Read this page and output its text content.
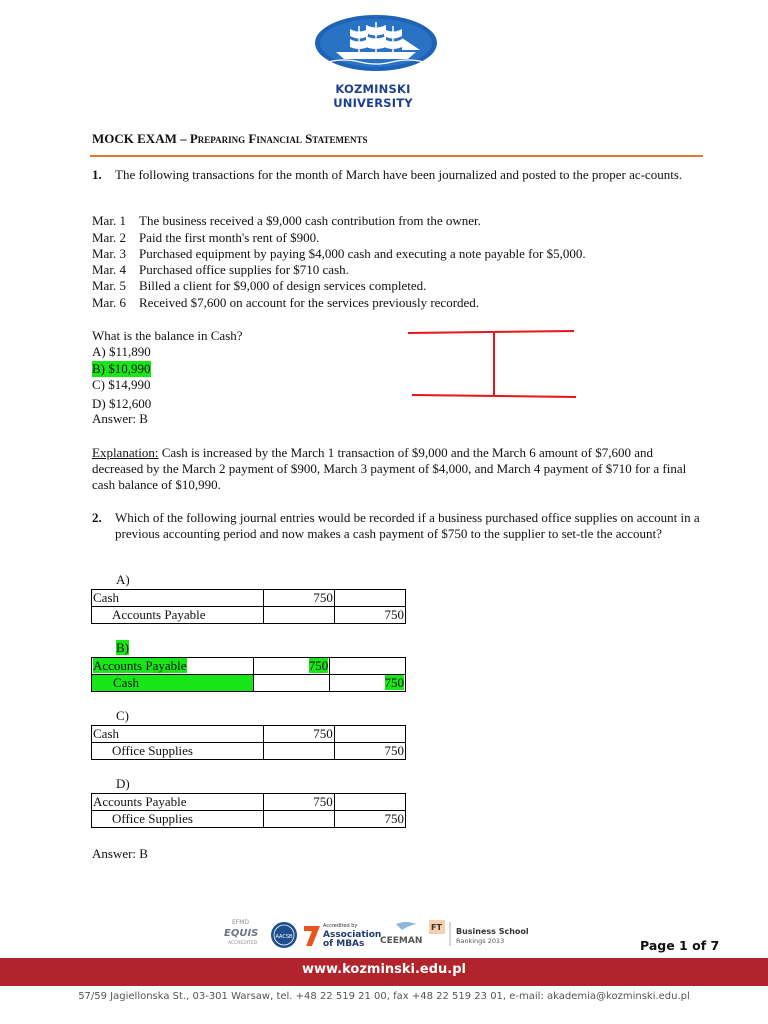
KOZMINSKI UNIVERSITY
MOCK EXAM – Preparing Financial Statements
1. The following transactions for the month of March have been journalized and posted to the proper ac-counts.
Mar. 1 The business received a $9,000 cash contribution from the owner.
Mar. 2 Paid the first month's rent of $900.
Mar. 3 Purchased equipment by paying $4,000 cash and executing a note payable for $5,000.
Mar. 4 Purchased office supplies for $710 cash.
Mar. 5 Billed a client for $9,000 of design services completed.
Mar. 6 Received $7,600 on account for the services previously recorded.
What is the balance in Cash?
A) $11,890
B) $10,990
C) $14,990
D) $12,600
Answer: B
Explanation: Cash is increased by the March 1 transaction of $9,000 and the March 6 amount of $7,600 and decreased by the March 2 payment of $900, March 3 payment of $4,000, and March 4 payment of $710 for a final cash balance of $10,990.
2. Which of the following journal entries would be recorded if a business purchased office supplies on account in a previous accounting period and now makes a cash payment of $750 to the supplier to set-tle the account?
A)
Cash	750	
Accounts Payable		750
B)
Accounts Payable	750	
Cash		750
C)
Cash	750	
Office Supplies		750
D)
Accounts Payable	750	
Office Supplies		750
Answer: B
EFMD
EQUIS
ACCREDITED
AACSB
Accredited by
Association
of MBAs CEEMAN
FT Business School
Rankings 2013	Page 1 of 7
www.kozminski.edu.pl
57/59 Jagiellonska St., 03-301 Warsaw, tel. +48 22 519 21 00, fax +48 22 519 23 01, e-mail: akademia@kozminski.edu.pl
